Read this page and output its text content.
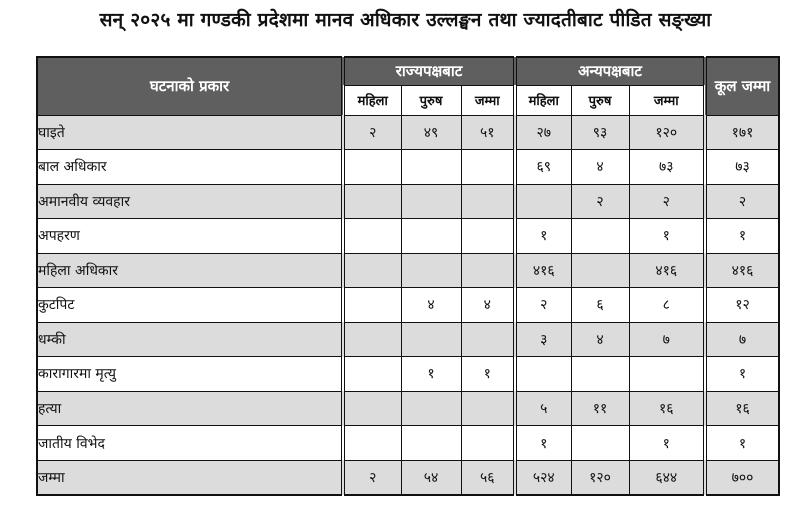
सन् २०२५ मा गण्डकी प्रदेशमा मानव अधिकार उल्लङ्घन तथा ज्यादतीबाट पीडित सङ्ख्या
घटनाको प्रकार	राज्यपक्षबाट			अन्यपक्षबाट			कूल जम्मा
	महिला	पुरुष	जम्मा	महिला	पुरुष	जम्मा	
घाइते	२	४९	५१	२७	९३	१२०	१७१
बाल अधिकार				६९	४	७३	७३
अमानवीय व्यवहार					२	२	२
अपहरण				१		१	१
महिला अधिकार				४१६		४१६	४१६
कुटपिट		४	४	२	६	८	१२
धम्की				३	४	७	७
कारागारमा मृत्यु		१	१				१
हत्या				५	११	१६	१६
जातीय विभेद				१		१	१
जम्मा	२	५४	५६	५२४	१२०	६४४	७००
